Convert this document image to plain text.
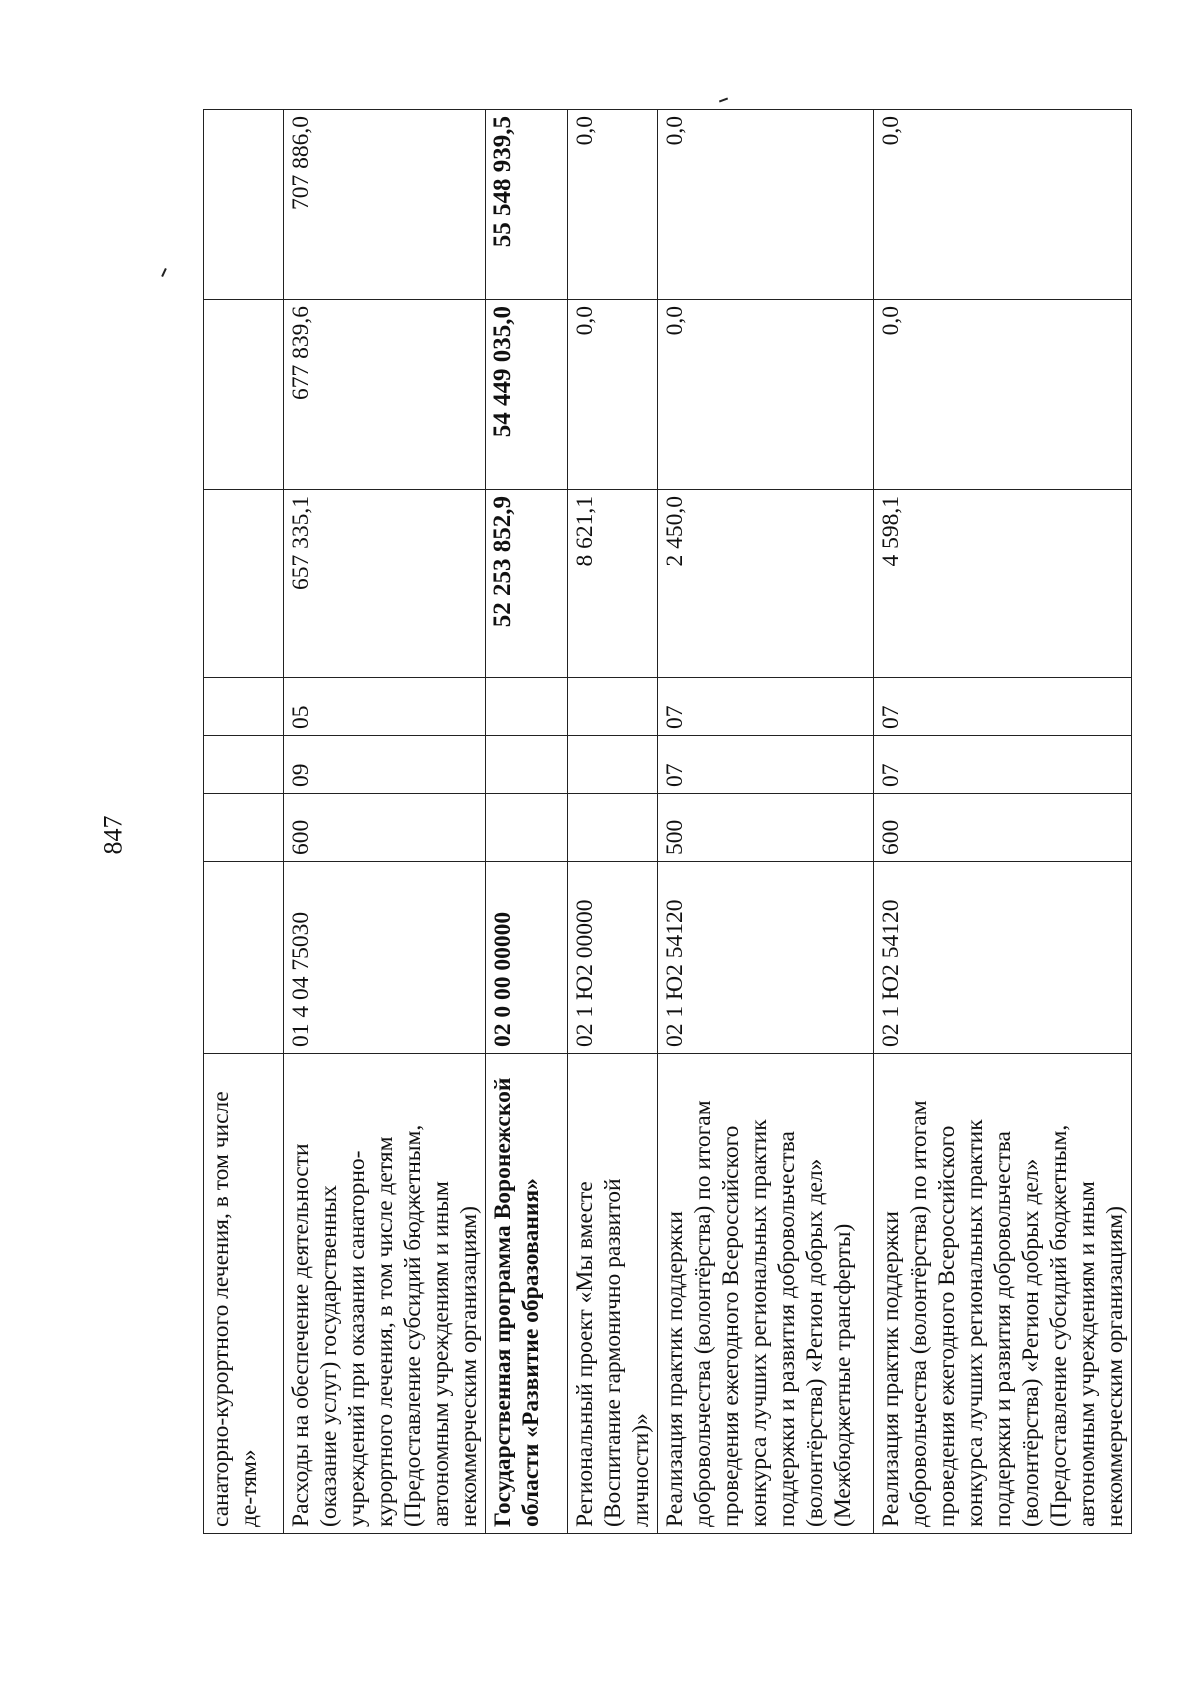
847
санаторно-курортного лечения, в том числе де-тям»							

Расходы на обеспечение деятельности (оказание услуг) государственных учреждений при оказании санаторно-курортного лечения, в том числе детям (Предоставление субсидий бюджетным, автономным учреждениям и иным некоммерческим организациям)	01 4 04 75030	600	09	05	657 335,1	677 839,6	707 886,0

Государственная программа Воронежской области «Развитие образования»	02 0 00 00000				52 253 852,9	54 449 035,0	55 548 939,5

Региональный проект «Мы вместе (Воспитание гармонично развитой личности)»	02 1 Ю2 00000				8 621,1	0,0	0,0

Реализация практик поддержки добровольчества (волонтёрства) по итогам проведения ежегодного Всероссийского конкурса лучших региональных практик поддержки и развития добровольчества (волонтёрства) «Регион добрых дел» (Межбюджетные трансферты)	02 1 Ю2 54120	500	07	07	2 450,0	0,0	0,0

Реализация практик поддержки добровольчества (волонтёрства) по итогам проведения ежегодного Всероссийского конкурса лучших региональных практик поддержки и развития добровольчества (волонтёрства) «Регион добрых дел» (Предоставление субсидий бюджетным, автономным учреждениям и иным некоммерческим организациям)	02 1 Ю2 54120	600	07	07	4 598,1	0,0	0,0
